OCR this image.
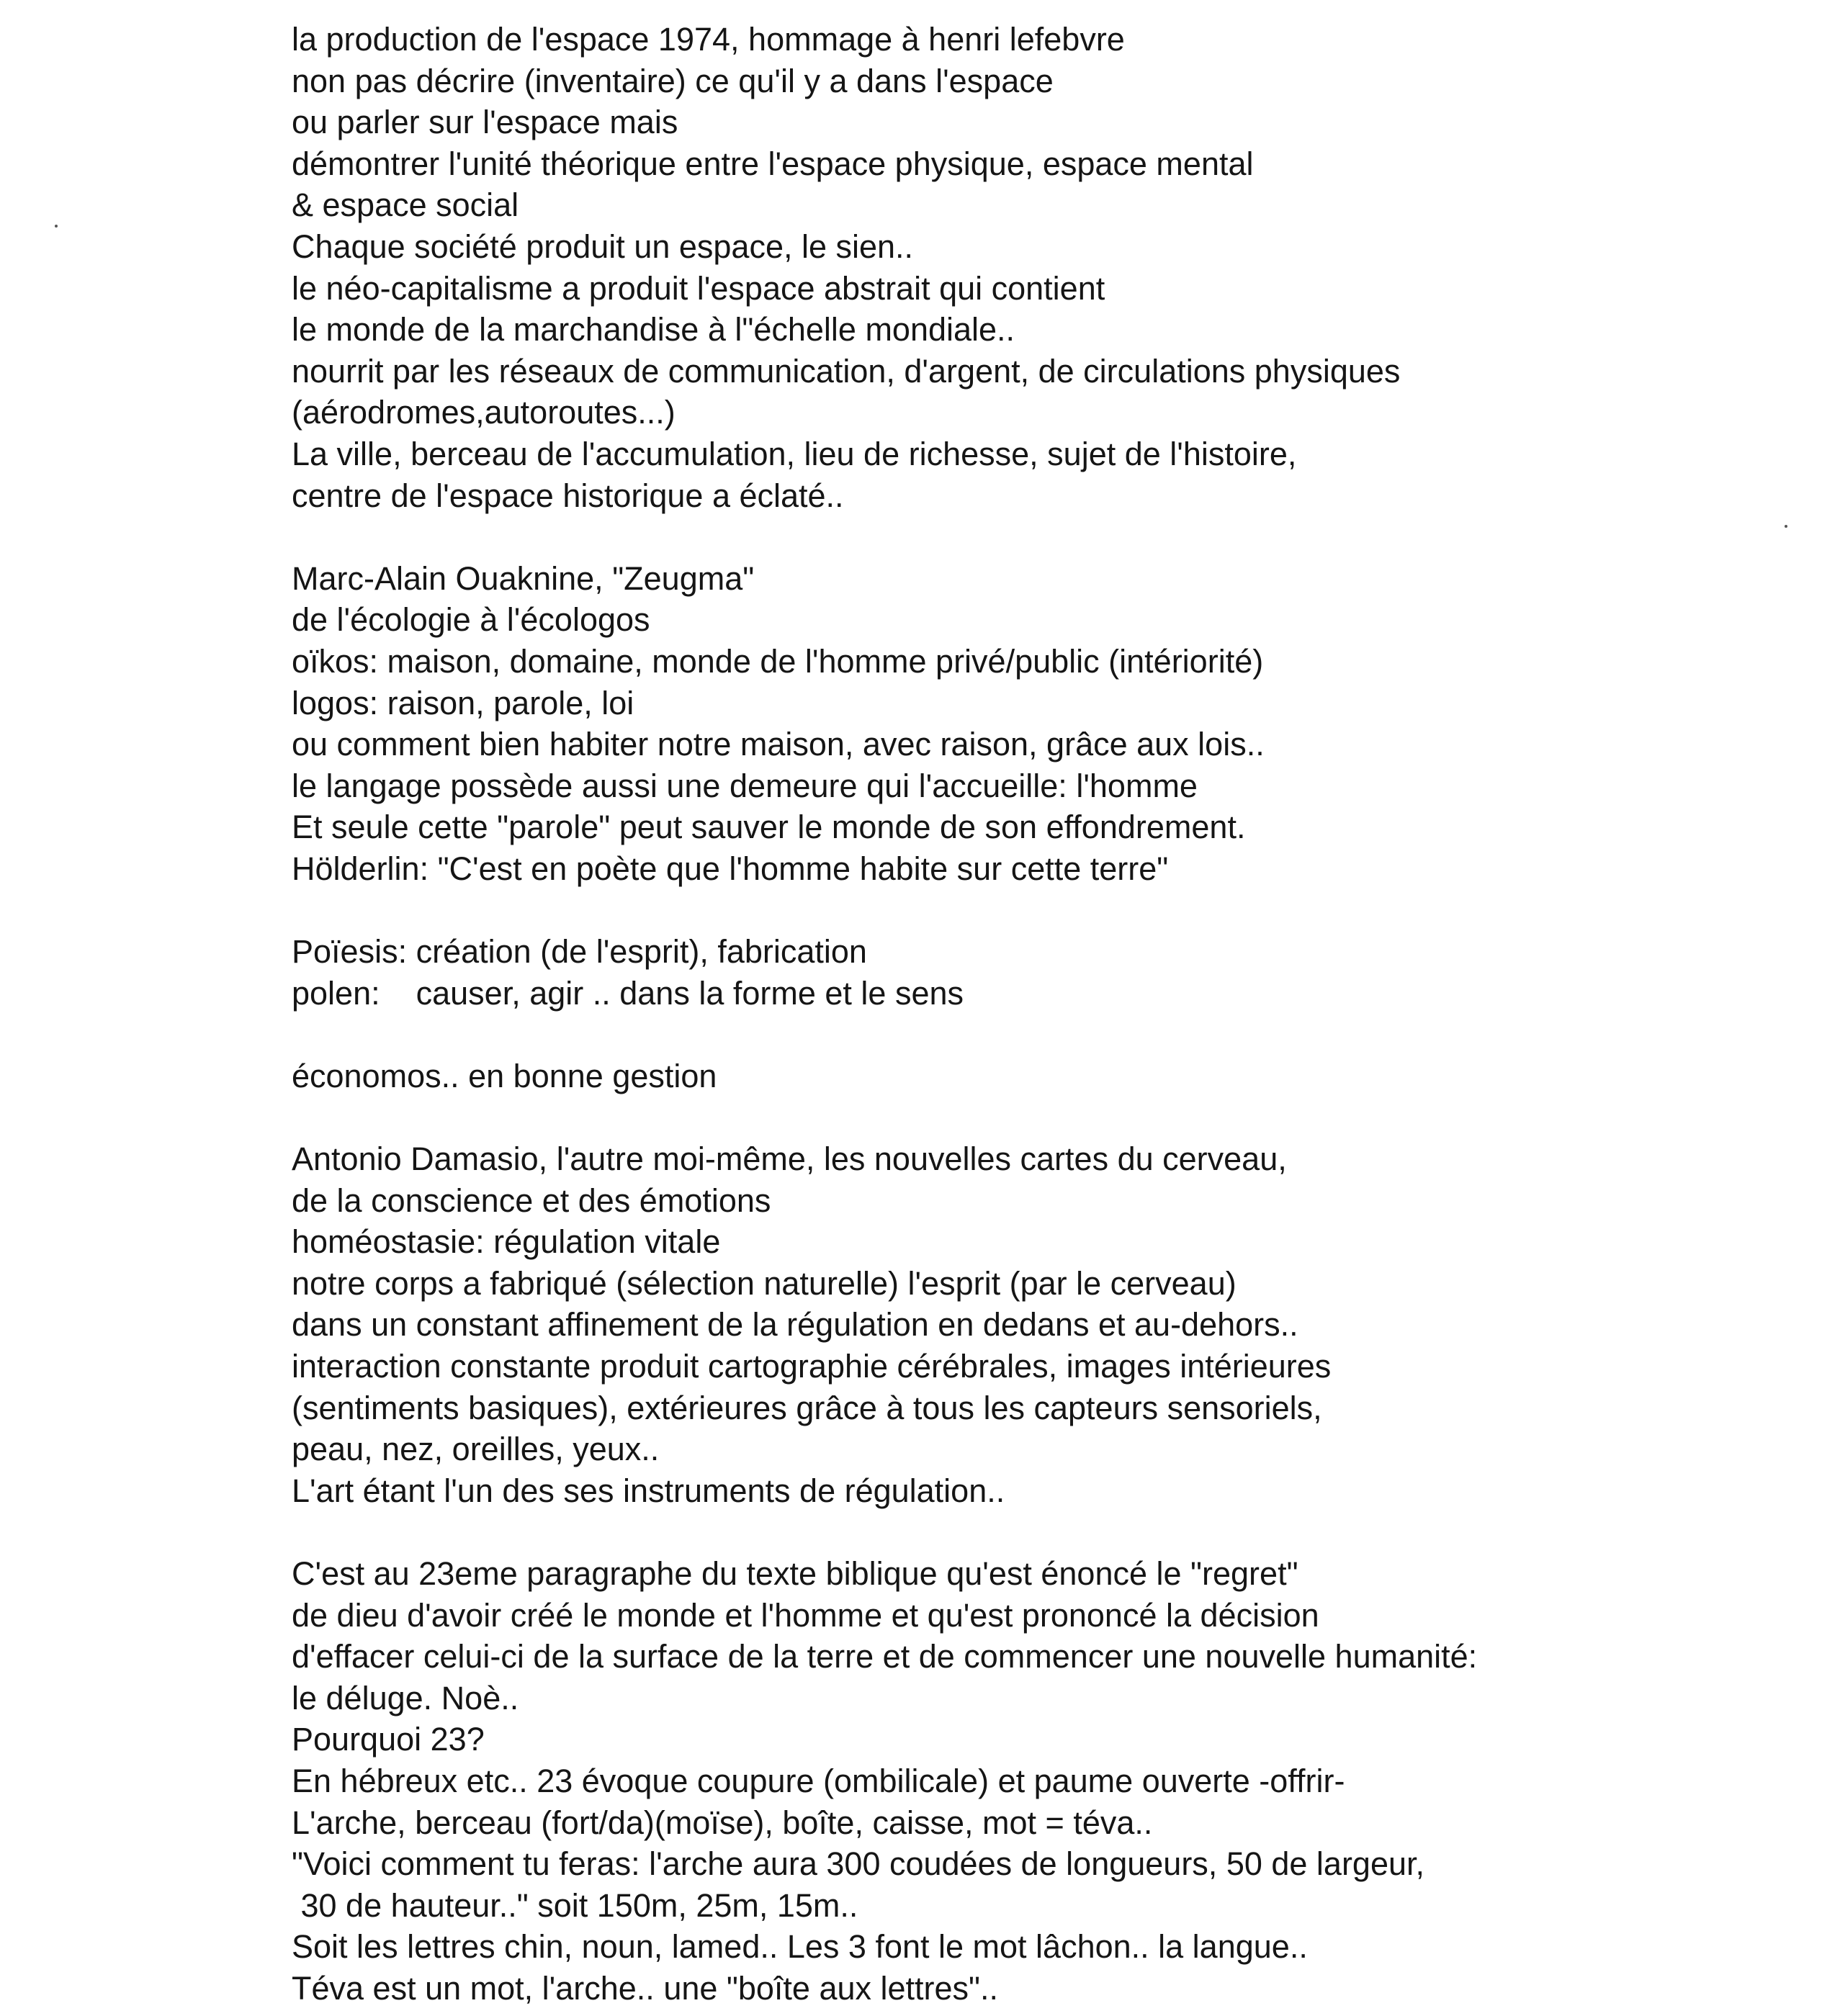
la production de l'espace 1974, hommage à henri lefebvre
non pas décrire (inventaire) ce qu'il y a dans l'espace
ou parler sur l'espace mais
démontrer l'unité théorique entre l'espace physique, espace mental
& espace social
Chaque société produit un espace, le sien..
le néo-capitalisme a produit l'espace abstrait qui contient
le monde de la marchandise à l"échelle mondiale..
nourrit par les réseaux de communication, d'argent, de circulations physiques
(aérodromes,autoroutes...)
La ville, berceau de l'accumulation, lieu de richesse, sujet de l'histoire,
centre de l'espace historique a éclaté..
Marc-Alain Ouaknine, "Zeugma"
de l'écologie à l'écologos
oïkos: maison, domaine, monde de l'homme privé/public (intériorité)
logos: raison, parole, loi
ou comment bien habiter notre maison, avec raison, grâce aux lois..
le langage possède aussi une demeure qui l'accueille: l'homme
Et seule cette "parole" peut sauver le monde de son effondrement.
Hölderlin: "C'est en poète que l'homme habite sur cette terre"
Poïesis: création (de l'esprit), fabrication
polen:    causer, agir .. dans la forme et le sens
économos.. en bonne gestion
Antonio Damasio, l'autre moi-même, les nouvelles cartes du cerveau,
de la conscience et des émotions
homéostasie: régulation vitale
notre corps a fabriqué (sélection naturelle) l'esprit (par le cerveau)
dans un constant affinement de la régulation en dedans et au-dehors..
interaction constante produit cartographie cérébrales, images intérieures
(sentiments basiques), extérieures grâce à tous les capteurs sensoriels,
peau, nez, oreilles, yeux..
L'art étant l'un des ses instruments de régulation..
C'est au 23eme paragraphe du texte biblique qu'est énoncé le "regret"
de dieu d'avoir créé le monde et l'homme et qu'est prononcé la décision
d'effacer celui-ci de la surface de la terre et de commencer une nouvelle humanité:
le déluge. Noè..
Pourquoi 23?
En hébreux etc.. 23 évoque coupure (ombilicale) et paume ouverte -offrir-
L'arche, berceau (fort/da)(moïse), boîte, caisse, mot = téva..
"Voici comment tu feras: l'arche aura 300 coudées de longueurs, 50 de largeur,
30 de hauteur.." soit 150m, 25m, 15m..
Soit les lettres chin, noun, lamed.. Les 3 font le mot lâchon.. la langue..
Téva est un mot, l'arche.. une "boîte aux lettres"..
